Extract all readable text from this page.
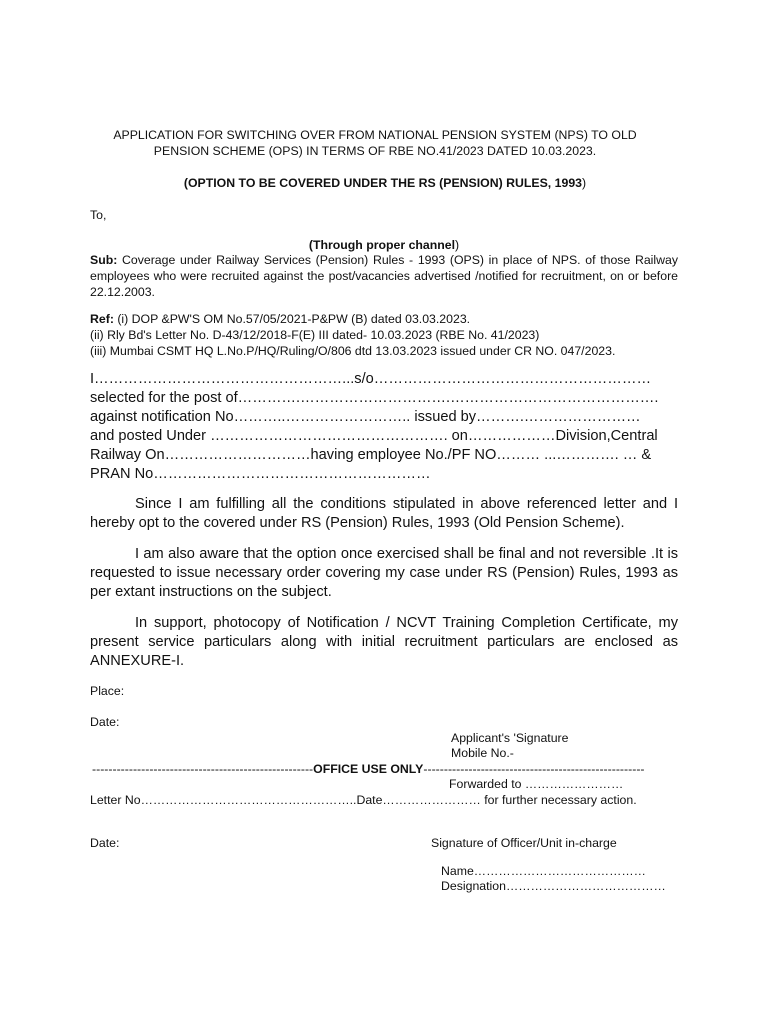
APPLICATION FOR SWITCHING OVER FROM NATIONAL PENSION SYSTEM (NPS) TO OLD

PENSION SCHEME (OPS) IN TERMS OF RBE NO.41/2023 DATED 10.03.2023.

(OPTION TO BE COVERED UNDER THE RS (PENSION) RULES, 1993)

To,

(Through proper channel)

Sub: Coverage under Railway Services (Pension) Rules - 1993 (OPS) in place of NPS. of those Railway employees who were recruited against the post/vacancies advertised /notified for recruitment, on or before 22.12.2003.

Ref: (i) DOP &PW'S OM No.57/05/2021-P&PW (B) dated 03.03.2023.
(ii) Rly Bd's Letter No. D-43/12/2018-F(E) III dated- 10.03.2023 (RBE No. 41/2023)
(iii) Mumbai CSMT HQ L.No.P/HQ/Ruling/O/806 dtd 13.03.2023 issued under CR NO. 047/2023.
I……………………………………………...s/o…………………………………………………
selected for the post of………….………………………….…………………………………….
against notification No………..…………………….. issued by……….……………………
and posted Under …………………………………………. on………………Division,Central
Railway On…………………………having employee No./PF NO……… ...…………. … &
PRAN No…………………………………………………

Since I am fulfilling all the conditions stipulated in above referenced letter and I hereby opt to the covered under RS (Pension) Rules, 1993 (Old Pension Scheme).

I am also aware that the option once exercised shall be final and not reversible .It is requested to issue necessary order covering my case under RS (Pension) Rules, 1993 as per extant instructions on the subject.

In support, photocopy of Notification / NCVT Training Completion Certificate, my present service particulars along with initial recruitment particulars are enclosed as ANNEXURE-I.

Place:

Date:

Applicant's 'Signature

Mobile No.-

------------------------------------------------------OFFICE USE ONLY------------------------------------------------------

Forwarded to ……………………

Letter No……………………………………………..Date…………………… for further necessary action.

Date:	Signature of Officer/Unit in-charge

Name……………………………………

Designation…………………………………
